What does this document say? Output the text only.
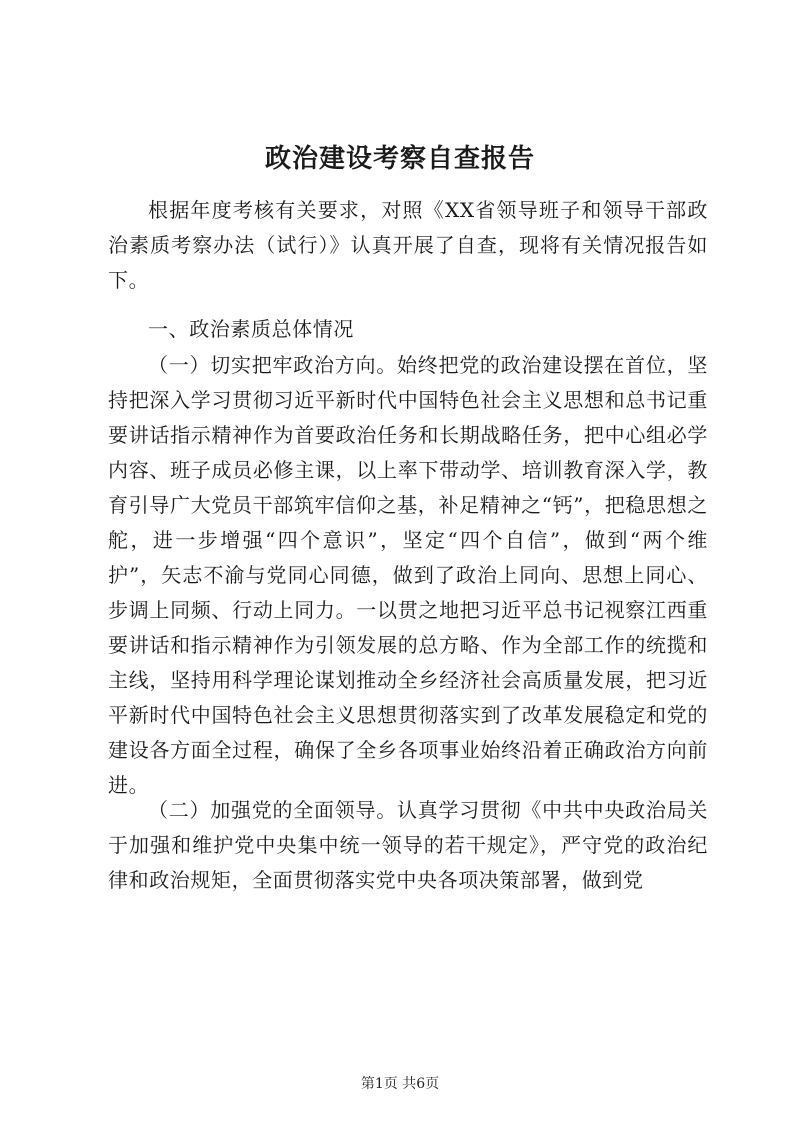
政治建设考察自查报告

根据年度考核有关要求，对照《XX省领导班子和领导干部政治素质考察办法（试行）》认真开展了自查，现将有关情况报告如下。

一、政治素质总体情况

（一）切实把牢政治方向。始终把党的政治建设摆在首位，坚持把深入学习贯彻习近平新时代中国特色社会主义思想和总书记重要讲话指示精神作为首要政治任务和长期战略任务，把中心组必学内容、班子成员必修主课，以上率下带动学、培训教育深入学，教育引导广大党员干部筑牢信仰之基，补足精神之“钙”，把稳思想之舵，进一步增强“四个意识”，坚定“四个自信”，做到“两个维护”，矢志不渝与党同心同德，做到了政治上同向、思想上同心、步调上同频、行动上同力。一以贯之地把习近平总书记视察江西重要讲话和指示精神作为引领发展的总方略、作为全部工作的统揽和主线，坚持用科学理论谋划推动全乡经济社会高质量发展，把习近平新时代中国特色社会主义思想贯彻落实到了改革发展稳定和党的建设各方面全过程，确保了全乡各项事业始终沿着正确政治方向前进。

（二）加强党的全面领导。认真学习贯彻《中共中央政治局关于加强和维护党中央集中统一领导的若干规定》，严守党的政治纪律和政治规矩，全面贯彻落实党中央各项决策部署，做到党

第1页 共6页
